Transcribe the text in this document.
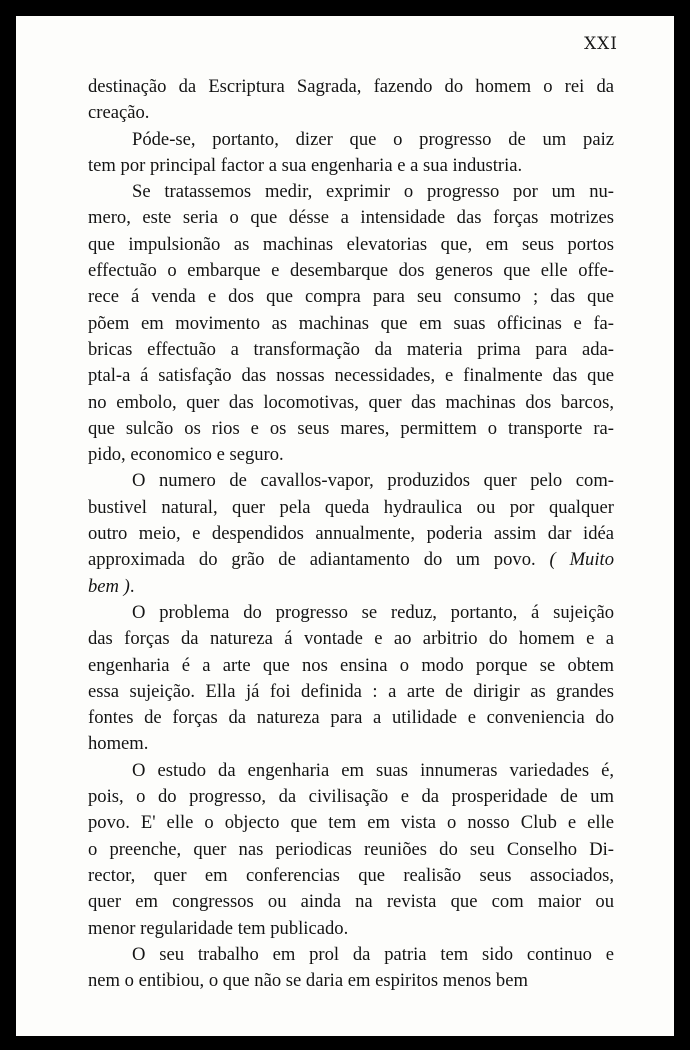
XXI
destinação da Escriptura Sagrada, fazendo do homem o rei da
creação.
Póde-se, portanto, dizer que o progresso de um paiz
tem por principal factor a sua engenharia e a sua industria.
Se tratassemos medir, exprimir o progresso por um nu-
mero, este seria o que désse a intensidade das forças motrizes
que impulsionão as machinas elevatorias que, em seus portos
effectuão o embarque e desembarque dos generos que elle offe-
rece á venda e dos que compra para seu consumo ; das que
põem em movimento as machinas que em suas officinas e fa-
bricas effectuão a transformação da materia prima para ada-
ptal-a á satisfação das nossas necessidades, e finalmente das que
no embolo, quer das locomotivas, quer das machinas dos barcos,
que sulcão os rios e os seus mares, permittem o transporte ra-
pido, economico e seguro.
O numero de cavallos-vapor, produzidos quer pelo com-
bustivel natural, quer pela queda hydraulica ou por qualquer
outro meio, e despendidos annualmente, poderia assim dar idéa
approximada do grão de adiantamento do um povo. ( Muito
bem ).
O problema do progresso se reduz, portanto, á sujeição
das forças da natureza á vontade e ao arbitrio do homem e a
engenharia é a arte que nos ensina o modo porque se obtem
essa sujeição. Ella já foi definida : a arte de dirigir as grandes
fontes de forças da natureza para a utilidade e conveniencia do
homem.
O estudo da engenharia em suas innumeras variedades é,
pois, o do progresso, da civilisação e da prosperidade de um
povo. E' elle o objecto que tem em vista o nosso Club e elle
o preenche, quer nas periodicas reuniões do seu Conselho Di-
rector, quer em conferencias que realisão seus associados,
quer em congressos ou ainda na revista que com maior ou
menor regularidade tem publicado.
O seu trabalho em prol da patria tem sido continuo e
nem o entibiou, o que não se daria em espiritos menos bem
